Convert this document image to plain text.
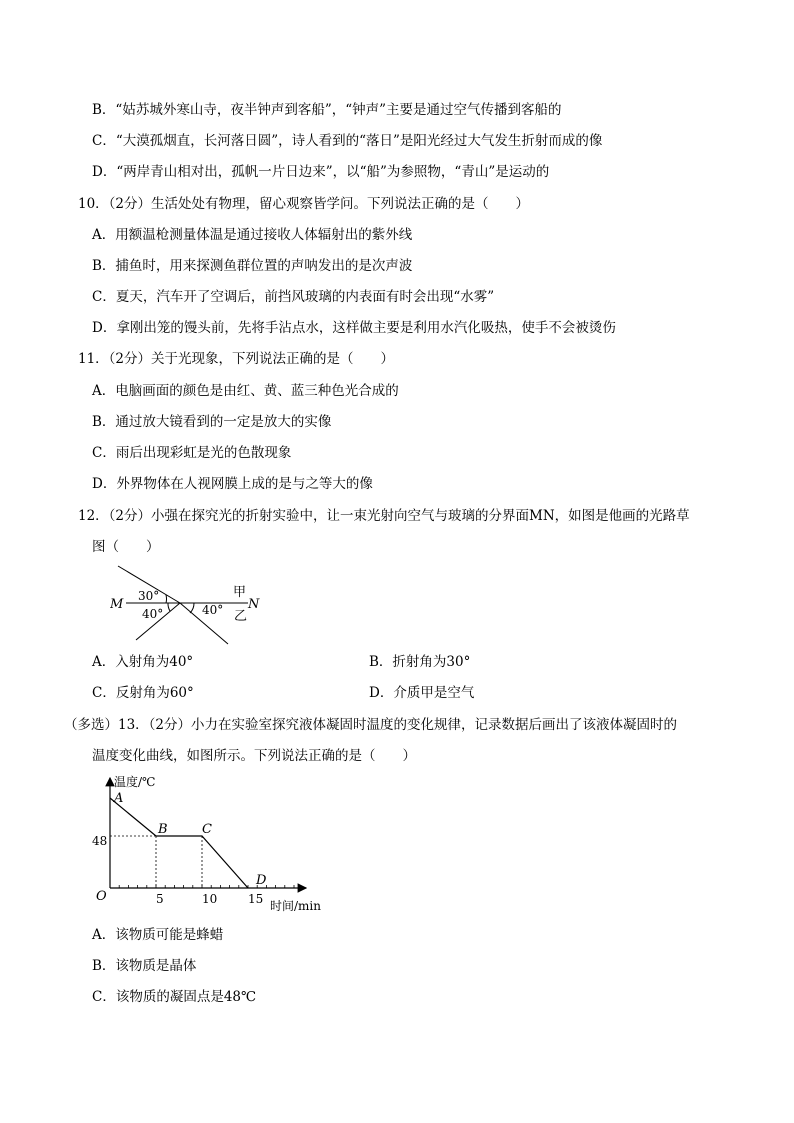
B．“姑苏城外寒山寺，夜半钟声到客船”，“钟声”主要是通过空气传播到客船的
C．“大漠孤烟直，长河落日圆”，诗人看到的“落日”是阳光经过大气发生折射而成的像
D．“两岸青山相对出，孤帆一片日边来”，以“船”为参照物，“青山”是运动的
10．（2分）生活处处有物理，留心观察皆学问。下列说法正确的是（　　）
A．用额温枪测量体温是通过接收人体辐射出的紫外线
B．捕鱼时，用来探测鱼群位置的声呐发出的是次声波
C．夏天，汽车开了空调后，前挡风玻璃的内表面有时会出现“水雾”
D．拿刚出笼的馒头前，先将手沾点水，这样做主要是利用水汽化吸热，使手不会被烫伤
11．（2分）关于光现象，下列说法正确的是（　　）
A．电脑画面的颜色是由红、黄、蓝三种色光合成的
B．通过放大镜看到的一定是放大的实像
C．雨后出现彩虹是光的色散现象
D．外界物体在人视网膜上成的是与之等大的像
12．（2分）小强在探究光的折射实验中，让一束光射向空气与玻璃的分界面MN，如图是他画的光路草
图（　　）
M
30°
40°	40°
甲
N
乙
A．入射角为40°	B．折射角为30°
C．反射角为60°	D．介质甲是空气
（多选）13．（2分）小力在实验室探究液体凝固时温度的变化规律，记录数据后画出了该液体凝固时的
温度变化曲线，如图所示。下列说法正确的是（　　）
温度/℃
时间/min
O
48
5	10	15
A
B	C
D
A．该物质可能是蜂蜡
B．该物质是晶体
C．该物质的凝固点是48℃
